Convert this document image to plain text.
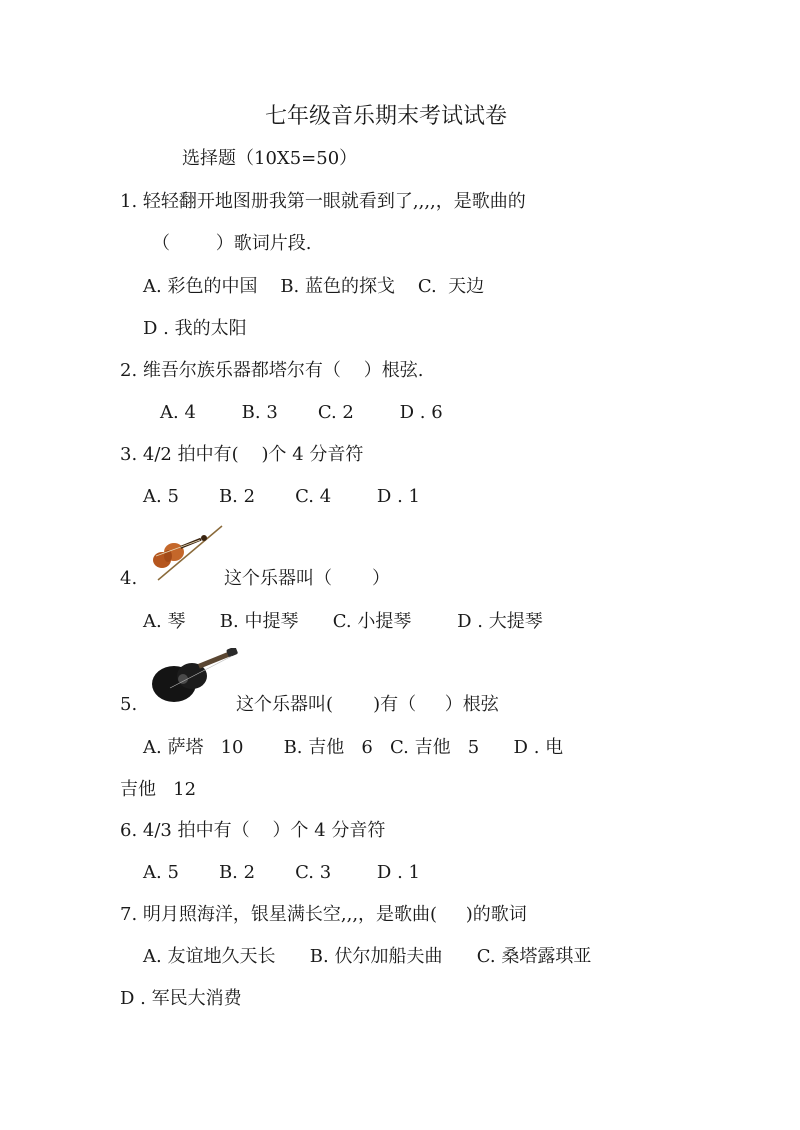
七年级音乐期末考试试卷
选择题（10X5=50）
1. 轻轻翻开地图册我第一眼就看到了,,,,，是歌曲的
（        ）歌词片段.
A. 彩色的中国    B. 蓝色的探戈    C.  天边
D . 我的太阳
2. 维吾尔族乐器都塔尔有（    ）根弦.
A. 4        B. 3       C. 2        D . 6
3. 4/2 拍中有(    )个 4 分音符
A. 5       B. 2       C. 4        D . 1
4.	这个乐器叫（       ）
A. 琴      B. 中提琴      C. 小提琴        D . 大提琴
5.	这个乐器叫(       )有（     ）根弦
A. 萨塔   10       B. 吉他   6   C. 吉他   5      D . 电
吉他   12
6. 4/3 拍中有（    ）个 4 分音符
A. 5       B. 2       C. 3        D . 1
7. 明月照海洋，银星满长空,,,，是歌曲(     )的歌词
A. 友谊地久天长      B. 伏尔加船夫曲      C. 桑塔露琪亚
D . 军民大消费
